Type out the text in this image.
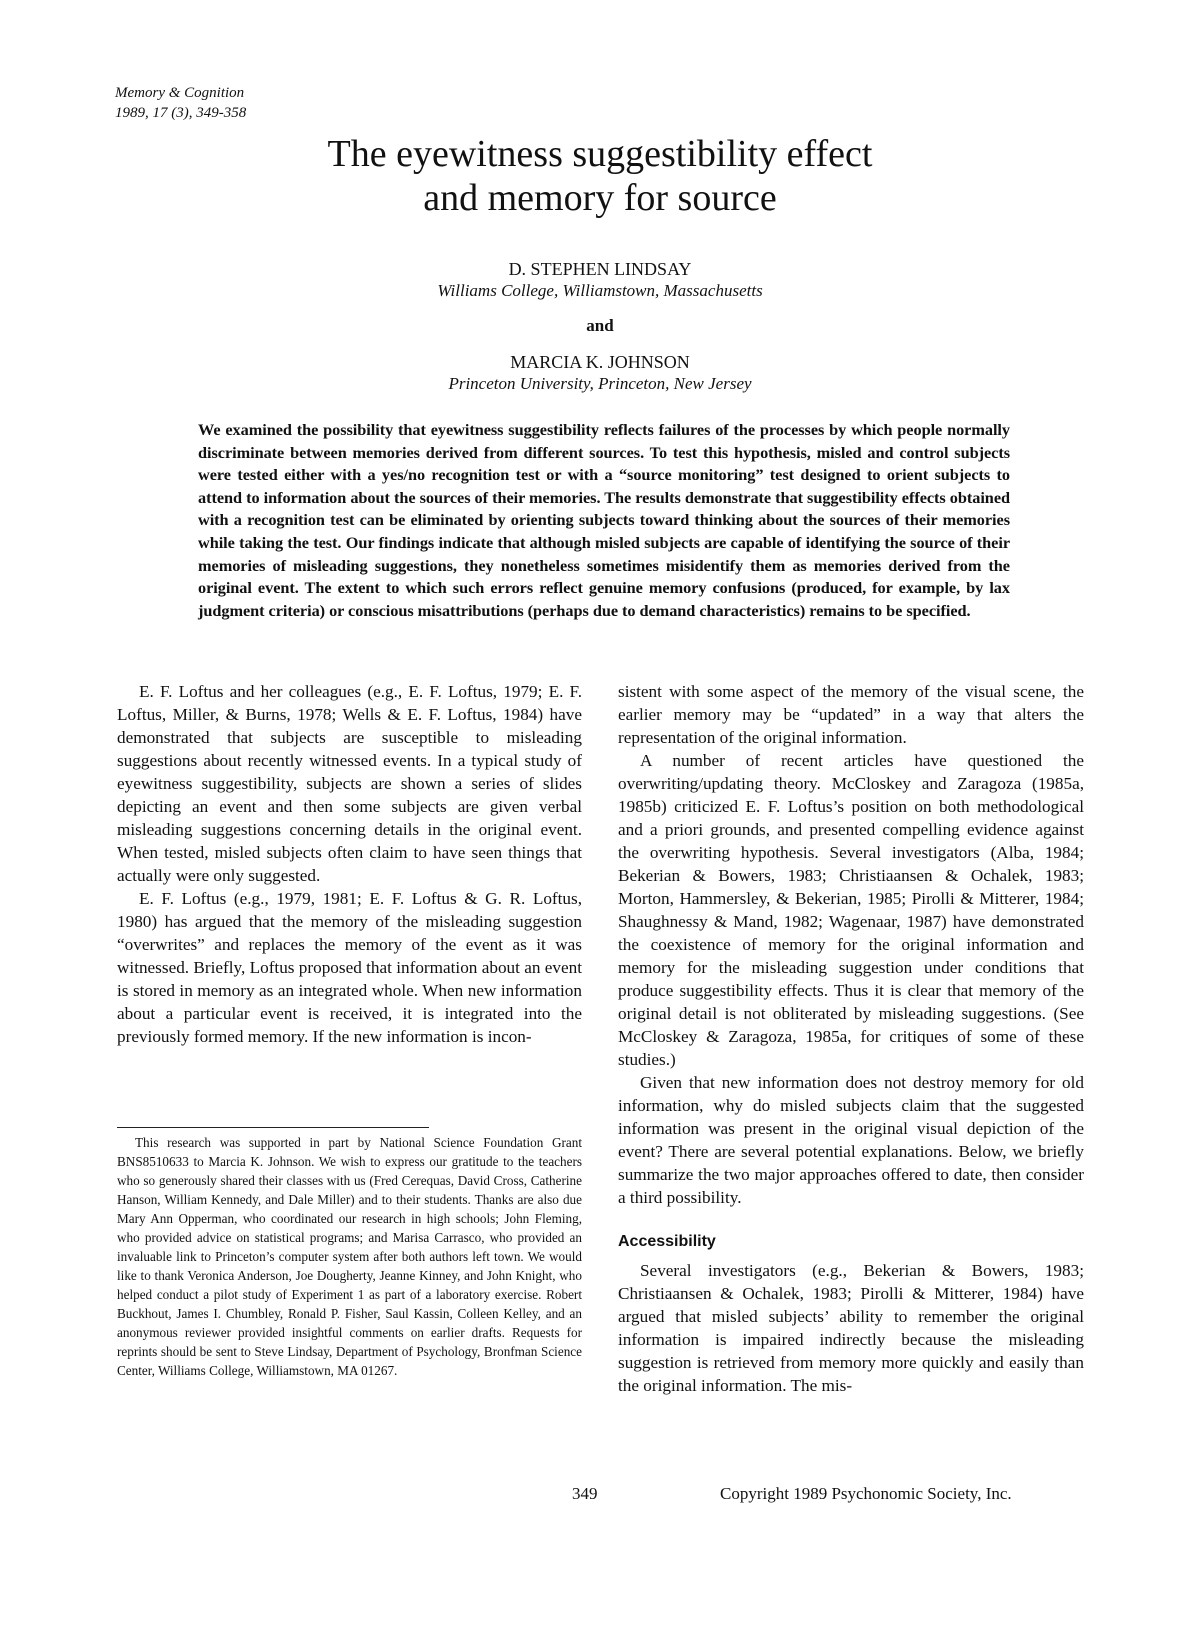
Memory & Cognition
1989, 17 (3), 349-358
The eyewitness suggestibility effect
and memory for source
D. STEPHEN LINDSAY
Williams College, Williamstown, Massachusetts
and
MARCIA K. JOHNSON
Princeton University, Princeton, New Jersey
We examined the possibility that eyewitness suggestibility reflects failures of the processes by which people normally discriminate between memories derived from different sources. To test this hypothesis, misled and control subjects were tested either with a yes/no recognition test or with a “source monitoring” test designed to orient subjects to attend to information about the sources of their memories. The results demonstrate that suggestibility effects obtained with a recognition test can be eliminated by orienting subjects toward thinking about the sources of their memories while taking the test. Our findings indicate that although misled subjects are capable of identifying the source of their memories of misleading suggestions, they nonetheless sometimes misidentify them as memories derived from the original event. The extent to which such errors reflect genuine memory confusions (produced, for example, by lax judgment criteria) or conscious misattributions (perhaps due to demand characteristics) remains to be specified.

E. F. Loftus and her colleagues (e.g., E. F. Loftus, 1979; E. F. Loftus, Miller, & Burns, 1978; Wells & E. F. Loftus, 1984) have demonstrated that subjects are susceptible to misleading suggestions about recently witnessed events. In a typical study of eyewitness suggestibility, subjects are shown a series of slides depicting an event and then some subjects are given verbal misleading suggestions concerning details in the original event. When tested, misled subjects often claim to have seen things that actually were only suggested.

E. F. Loftus (e.g., 1979, 1981; E. F. Loftus & G. R. Loftus, 1980) has argued that the memory of the misleading suggestion “overwrites” and replaces the memory of the event as it was witnessed. Briefly, Loftus proposed that information about an event is stored in memory as an integrated whole. When new information about a particular event is received, it is integrated into the previously formed memory. If the new information is incon-

This research was supported in part by National Science Foundation Grant BNS8510633 to Marcia K. Johnson. We wish to express our gratitude to the teachers who so generously shared their classes with us (Fred Cerequas, David Cross, Catherine Hanson, William Kennedy, and Dale Miller) and to their students. Thanks are also due Mary Ann Opperman, who coordinated our research in high schools; John Fleming, who provided advice on statistical programs; and Marisa Carrasco, who provided an invaluable link to Princeton’s computer system after both authors left town. We would like to thank Veronica Anderson, Joe Dougherty, Jeanne Kinney, and John Knight, who helped conduct a pilot study of Experiment 1 as part of a laboratory exercise. Robert Buckhout, James I. Chumbley, Ronald P. Fisher, Saul Kassin, Colleen Kelley, and an anonymous reviewer provided insightful comments on earlier drafts. Requests for reprints should be sent to Steve Lindsay, Department of Psychology, Bronfman Science Center, Williams College, Williamstown, MA 01267.

sistent with some aspect of the memory of the visual scene, the earlier memory may be “updated” in a way that alters the representation of the original information.

A number of recent articles have questioned the overwriting/updating theory. McCloskey and Zaragoza (1985a, 1985b) criticized E. F. Loftus’s position on both methodological and a priori grounds, and presented compelling evidence against the overwriting hypothesis. Several investigators (Alba, 1984; Bekerian & Bowers, 1983; Christiaansen & Ochalek, 1983; Morton, Hammersley, & Bekerian, 1985; Pirolli & Mitterer, 1984; Shaughnessy & Mand, 1982; Wagenaar, 1987) have demonstrated the coexistence of memory for the original information and memory for the misleading suggestion under conditions that produce suggestibility effects. Thus it is clear that memory of the original detail is not obliterated by misleading suggestions. (See McCloskey & Zaragoza, 1985a, for critiques of some of these studies.)

Given that new information does not destroy memory for old information, why do misled subjects claim that the suggested information was present in the original visual depiction of the event? There are several potential explanations. Below, we briefly summarize the two major approaches offered to date, then consider a third possibility.

Accessibility

Several investigators (e.g., Bekerian & Bowers, 1983; Christiaansen & Ochalek, 1983; Pirolli & Mitterer, 1984) have argued that misled subjects’ ability to remember the original information is impaired indirectly because the misleading suggestion is retrieved from memory more quickly and easily than the original information. The mis-

349	Copyright 1989 Psychonomic Society, Inc.
